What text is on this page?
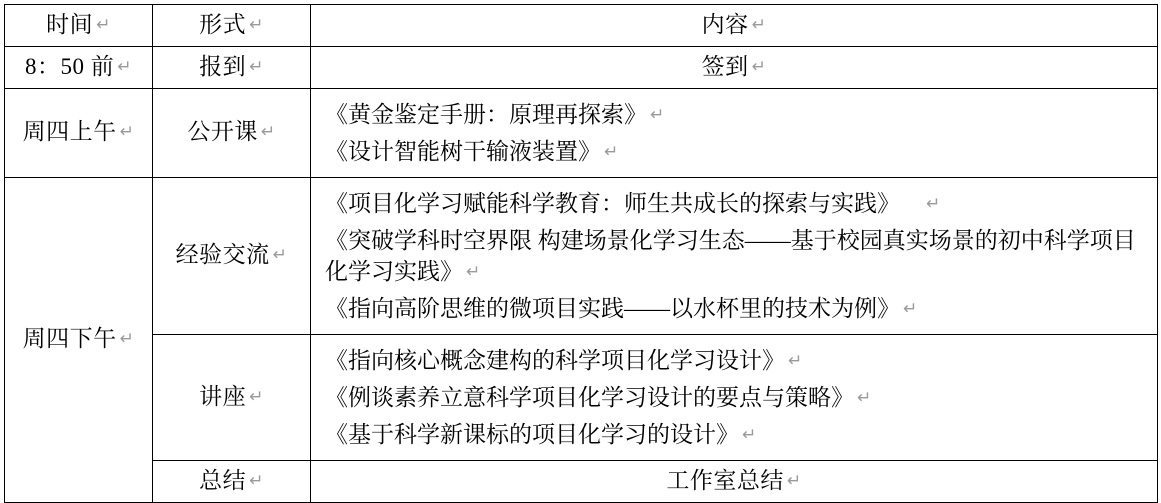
时间 ↵	形式 ↵	内容 ↵

8：50 前 ↵	报到 ↵	签到 ↵

周四上午 ↵	公开课 ↵	《黄金鉴定手册：原理再探索》 ↵
《设计智能树干输液装置》 ↵

周四下午 ↵	经验交流 ↵	《项目化学习赋能科学教育：师生共成长的探索与实践》 ↵
《突破学科时空界限 构建场景化学习生态——基于校园真实场景的初中科学项目化学习实践》 ↵
《指向高阶思维的微项目实践——以水杯里的技术为例》 ↵

	讲座 ↵	《指向核心概念建构的科学项目化学习设计》 ↵
《例谈素养立意科学项目化学习设计的要点与策略》 ↵
《基于科学新课标的项目化学习的设计》 ↵

	总结 ↵	工作室总结 ↵
